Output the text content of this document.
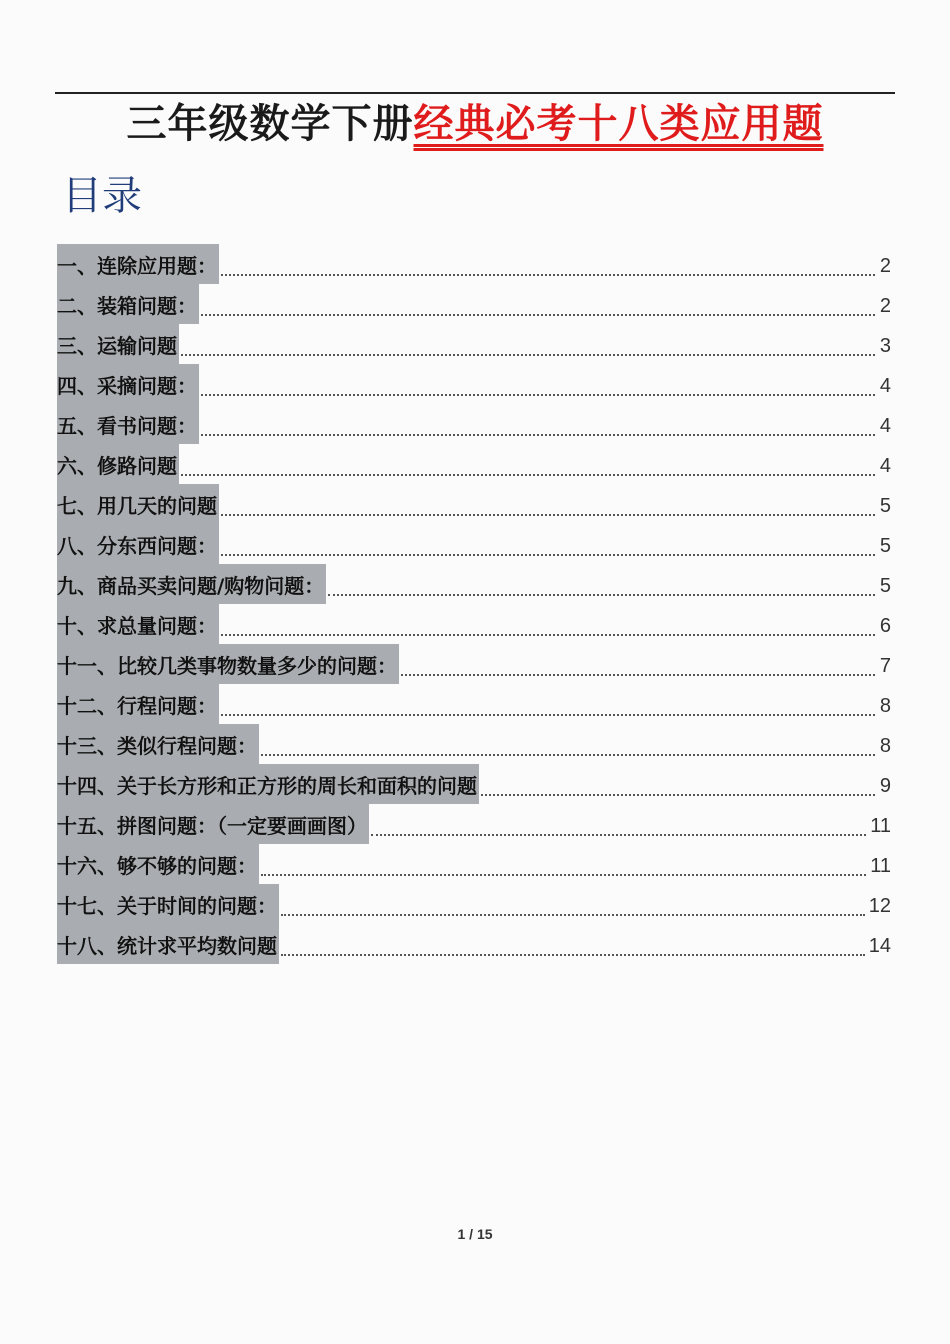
三年级数学下册经典必考十八类应用题
目录
一、连除应用题：	2
二、装箱问题：	2
三、运输问题	3
四、采摘问题：	4
五、看书问题：	4
六、修路问题	4
七、用几天的问题	5
八、分东西问题：	5
九、商品买卖问题/购物问题：	5
十、求总量问题：	6
十一、比较几类事物数量多少的问题：	7
十二、行程问题：	8
十三、类似行程问题：	8
十四、关于长方形和正方形的周长和面积的问题	9
十五、拼图问题：（一定要画画图）	11
十六、够不够的问题：	11
十七、关于时间的问题：	12
十八、统计求平均数问题	14
1 / 15
